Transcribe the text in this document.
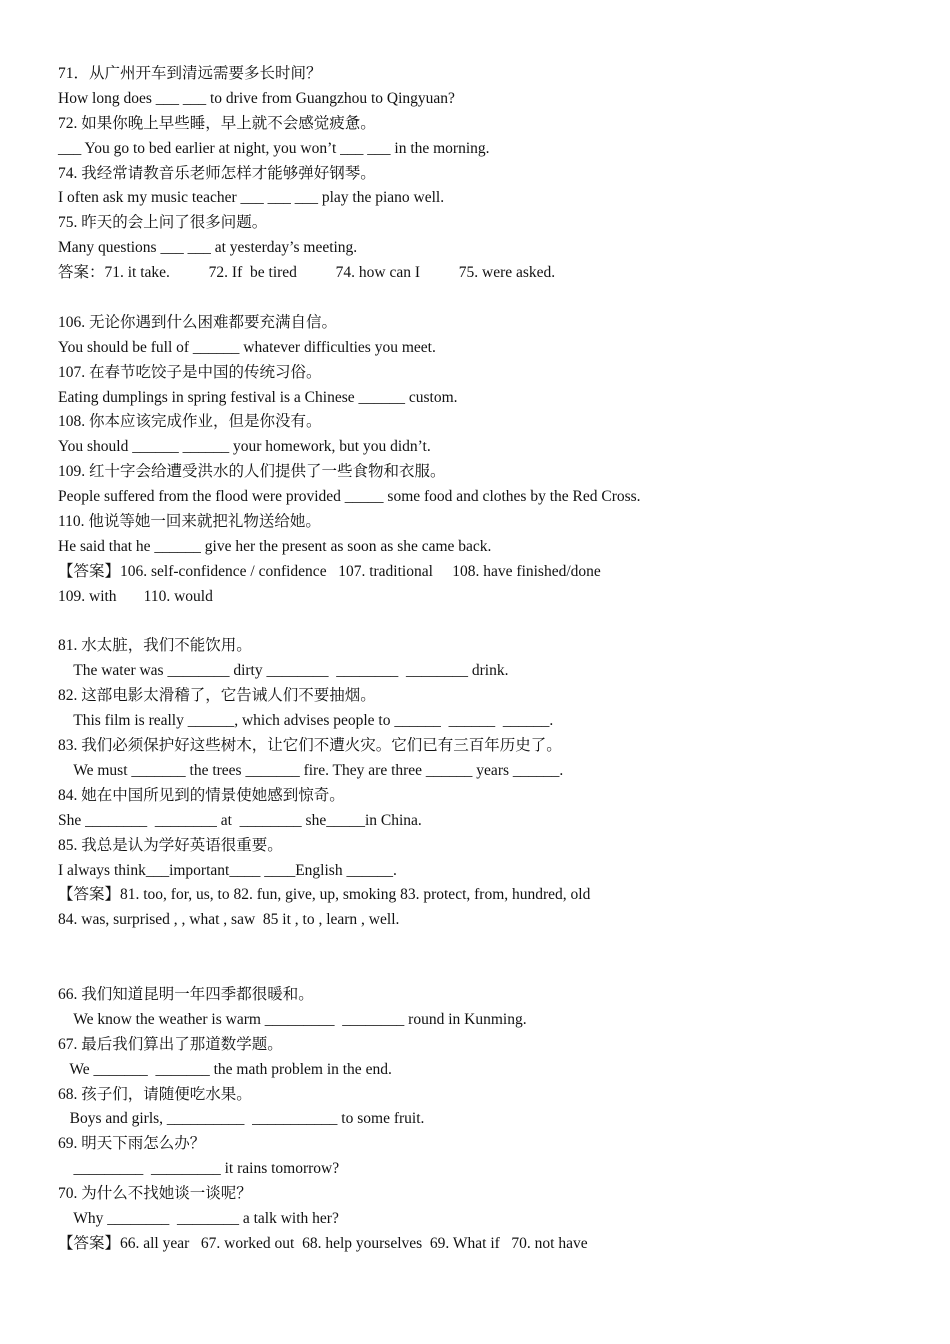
71．从广州开车到清远需要多长时间？
How long does ___ ___ to drive from Guangzhou to Qingyuan?
72. 如果你晚上早些睡，早上就不会感觉疲惫。
___ You go to bed earlier at night, you won’t ___ ___ in the morning.
74. 我经常请教音乐老师怎样才能够弹好钢琴。
I often ask my music teacher ___ ___ ___ play the piano well.
75. 昨天的会上问了很多问题。
Many questions ___ ___ at yesterday’s meeting.
答案：71. it take.          72. If  be tired          74. how can I          75. were asked.
106. 无论你遇到什么困难都要充满自信。
You should be full of ______ whatever difficulties you meet.
107. 在春节吃饺子是中国的传统习俗。
Eating dumplings in spring festival is a Chinese ______ custom.
108. 你本应该完成作业，但是你没有。
You should ______ ______ your homework, but you didn’t.
109. 红十字会给遭受洪水的人们提供了一些食物和衣服。
People suffered from the flood were provided _____ some food and clothes by the Red Cross.
110. 他说等她一回来就把礼物送给她。
He said that he ______ give her the present as soon as she came back.
【答案】106. self-confidence / confidence   107. traditional     108. have finished/done
109. with       110. would
81. 水太脏，我们不能饮用。
The water was ________ dirty ________  ________  ________ drink.
82. 这部电影太滑稽了，它告诫人们不要抽烟。
This film is really ______, which advises people to ______  ______  ______.
83. 我们必须保护好这些树木，让它们不遭火灾。它们已有三百年历史了。
We must _______ the trees _______ fire. They are three ______ years ______.
84. 她在中国所见到的情景使她感到惊奇。
She ________  ________ at  ________ she_____in China.
85. 我总是认为学好英语很重要。
I always think___important____ ____English ______.
【答案】81. too, for, us, to 82. fun, give, up, smoking 83. protect, from, hundred, old
84. was, surprised , , what , saw  85 it , to , learn , well.
66. 我们知道昆明一年四季都很暖和。
We know the weather is warm _________  ________ round in Kunming.
67. 最后我们算出了那道数学题。
We _______  _______ the math problem in the end.
68. 孩子们，请随便吃水果。
Boys and girls, __________  ___________ to some fruit.
69. 明天下雨怎么办？
_________  _________ it rains tomorrow?
70. 为什么不找她谈一谈呢？
Why ________  ________ a talk with her?
【答案】66. all year   67. worked out  68. help yourselves  69. What if   70. not have
